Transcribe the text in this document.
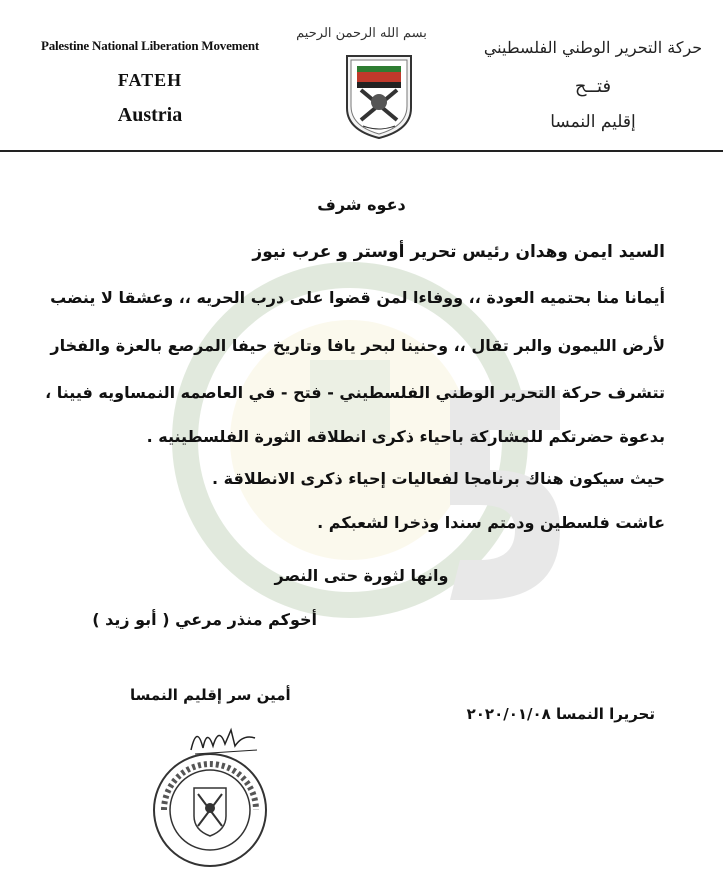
Palestine National Liberation Movement
FATEH
Austria
بسم الله الرحمن الرحيم
حركة التحرير الوطني الفلسطيني
فتــح
إقليم النمسا
دعوه شرف
السيد ايمن وهدان رئيس تحرير أوستر و عرب نيوز
أيمانا منا بحتميه العودة ،، ووفاءا لمن قضوا على درب الحريه ،، وعشقا لا ينضب
لأرض الليمون والبر تقال ،، وحنينا لبحر يافا وتاريخ حيفا المرصع بالعزة والفخار
تتشرف حركة التحرير الوطني الفلسطيني - فتح - في العاصمه النمساويه فيينا ،
بدعوة حضرتكم للمشاركة باحياء ذكرى انطلاقه الثورة الفلسطينيه .
حيث سيكون هناك برنامجا لفعاليات إحياء ذكرى الانطلاقة .
عاشت فلسطين ودمتم سندا وذخرا لشعبكم .
وانها لثورة حتى النصر
أخوكم منذر مرعي ( أبو زيد )
أمين سر إقليم النمسا
تحريرا النمسا ٢٠٢٠/٠١/٠٨
